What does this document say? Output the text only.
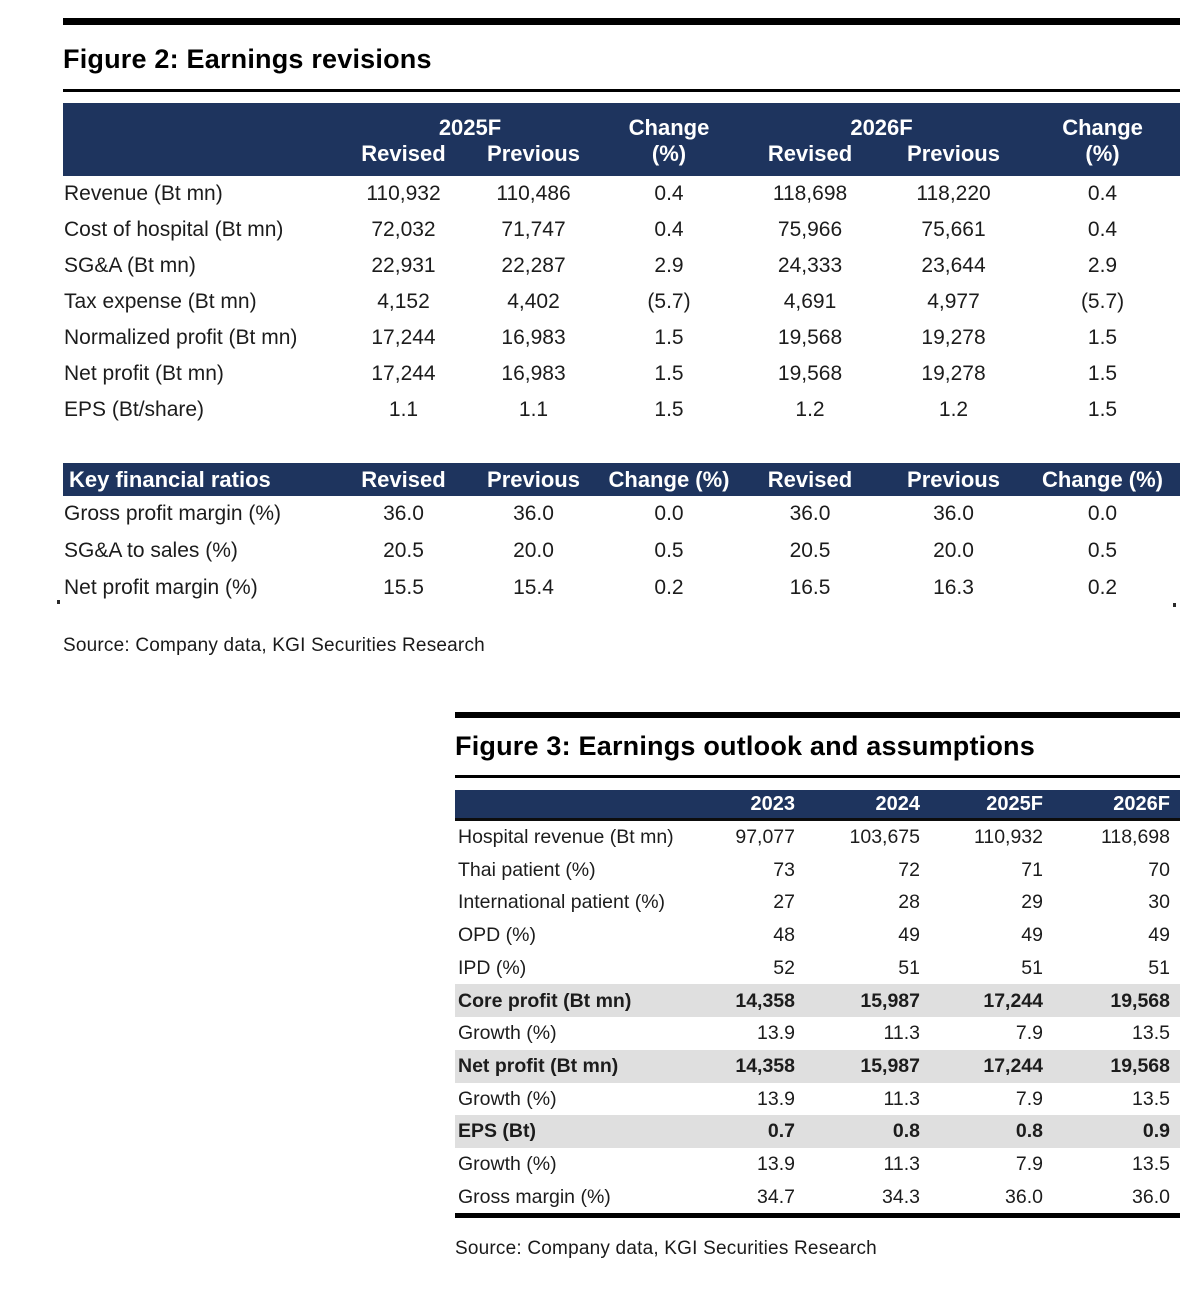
Figure 2: Earnings revisions
	2025F		Change	2026F		Change
	Revised	Previous	(%)	Revised	Previous	(%)
Revenue (Bt mn)	110,932	110,486	0.4	118,698	118,220	0.4
Cost of hospital (Bt mn)	72,032	71,747	0.4	75,966	75,661	0.4
SG&A (Bt mn)	22,931	22,287	2.9	24,333	23,644	2.9
Tax expense (Bt mn)	4,152	4,402	(5.7)	4,691	4,977	(5.7)
Normalized profit (Bt mn)	17,244	16,983	1.5	19,568	19,278	1.5
Net profit (Bt mn)	17,244	16,983	1.5	19,568	19,278	1.5
EPS (Bt/share)	1.1	1.1	1.5	1.2	1.2	1.5
Key financial ratios	Revised	Previous	Change (%)	Revised	Previous	Change (%)
Gross profit margin (%)	36.0	36.0	0.0	36.0	36.0	0.0
SG&A to sales (%)	20.5	20.0	0.5	20.5	20.0	0.5
Net profit margin (%)	15.5	15.4	0.2	16.5	16.3	0.2

Source: Company data, KGI Securities Research

Figure 3: Earnings outlook and assumptions
	2023	2024	2025F	2026F
Hospital revenue (Bt mn)	97,077	103,675	110,932	118,698
Thai patient (%)	73	72	71	70
International patient (%)	27	28	29	30
OPD (%)	48	49	49	49
IPD (%)	52	51	51	51
Core profit (Bt mn)	14,358	15,987	17,244	19,568
Growth (%)	13.9	11.3	7.9	13.5
Net profit (Bt mn)	14,358	15,987	17,244	19,568
Growth (%)	13.9	11.3	7.9	13.5
EPS (Bt)	0.7	0.8	0.8	0.9
Growth (%)	13.9	11.3	7.9	13.5
Gross margin (%)	34.7	34.3	36.0	36.0

Source: Company data, KGI Securities Research
